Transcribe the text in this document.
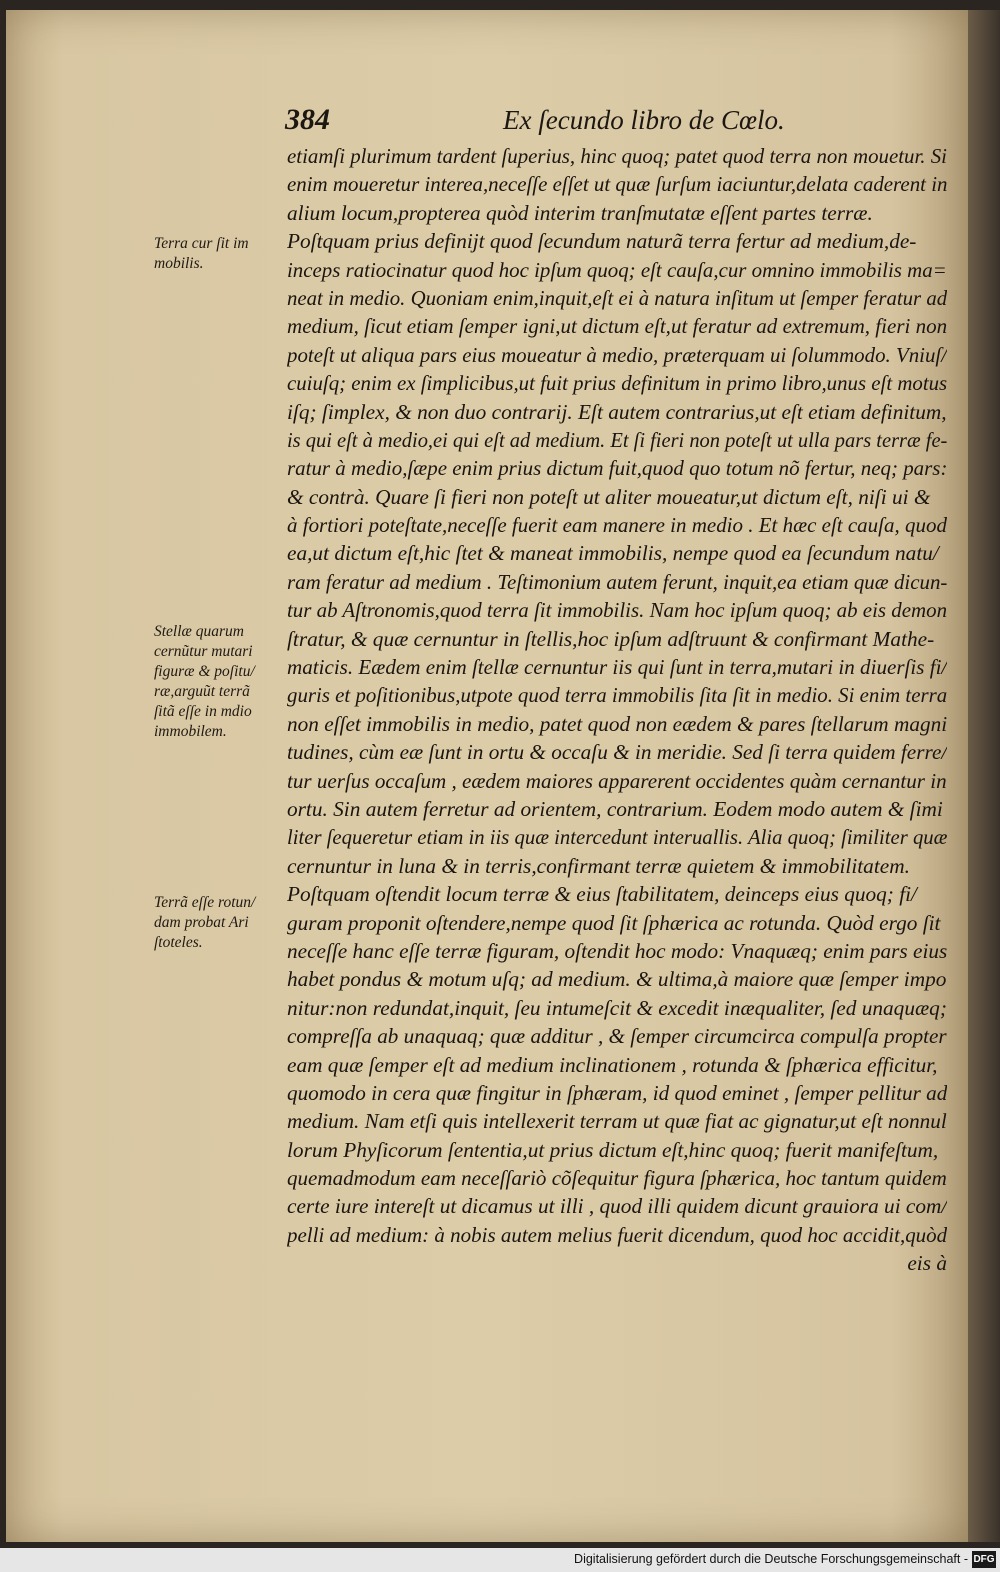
384	Ex ſecundo libro de Cœlo.
etiamſi plurimum tardent ſuperius, hinc quoq; patet quod terra non mouetur. Si
enim moueretur interea,neceſſe eſſet ut quæ ſurſum iaciuntur,delata caderent in
alium locum,propterea quòd interim tranſmutatæ eſſent partes terræ.
Poſtquam prius definijt quod ſecundum naturã terra fertur ad medium,de-
inceps ratiocinatur quod hoc ipſum quoq; eſt cauſa,cur omnino immobilis ma=
neat in medio. Quoniam enim,inquit,eſt ei à natura inſitum ut ſemper feratur ad
medium, ſicut etiam ſemper igni,ut dictum eſt,ut feratur ad extremum, fieri non
poteſt ut aliqua pars eius moueatur à medio, præterquam ui ſolummodo. Vniuſ/
cuiuſq; enim ex ſimplicibus,ut fuit prius definitum in primo libro,unus eſt motus
iſq; ſimplex, & non duo contrarij. Eſt autem contrarius,ut eſt etiam definitum,
is qui eſt à medio,ei qui eſt ad medium. Et ſi fieri non poteſt ut ulla pars terræ fe-
ratur à medio,ſæpe enim prius dictum fuit,quod quo totum nõ fertur, neq; pars:
& contrà. Quare ſi fieri non poteſt ut aliter moueatur,ut dictum eſt, niſi ui &
à fortiori poteſtate,neceſſe fuerit eam manere in medio . Et hæc eſt cauſa, quod
ea,ut dictum eſt,hic ſtet & maneat immobilis, nempe quod ea ſecundum natu/
ram feratur ad medium . Teſtimonium autem ferunt, inquit,ea etiam quæ dicun-
tur ab Aſtronomis,quod terra ſit immobilis. Nam hoc ipſum quoq; ab eis demon
ſtratur, & quæ cernuntur in ſtellis,hoc ipſum adſtruunt & confirmant Mathe-
maticis. Eædem enim ſtellæ cernuntur iis qui ſunt in terra,mutari in diuerſis fi/
guris et poſitionibus,utpote quod terra immobilis ſita ſit in medio. Si enim terra
non eſſet immobilis in medio, patet quod non eædem & pares ſtellarum magni
tudines, cùm eæ ſunt in ortu & occaſu & in meridie. Sed ſi terra quidem ferre/
tur uerſus occaſum , eædem maiores apparerent occidentes quàm cernantur in
ortu. Sin autem ferretur ad orientem, contrarium. Eodem modo autem & ſimi
liter ſequeretur etiam in iis quæ intercedunt interuallis. Alia quoq; ſimiliter quæ
cernuntur in luna & in terris,confirmant terræ quietem & immobilitatem.
Poſtquam oſtendit locum terræ & eius ſtabilitatem, deinceps eius quoq; fi/
guram proponit oſtendere,nempe quod ſit ſphærica ac rotunda. Quòd ergo ſit
neceſſe hanc eſſe terræ figuram, oſtendit hoc modo: Vnaquæq; enim pars eius
habet pondus & motum uſq; ad medium. & ultima,à maiore quæ ſemper impo
nitur:non redundat,inquit, ſeu intumeſcit & excedit inæqualiter, ſed unaquæq;
compreſſa ab unaquaq; quæ additur , & ſemper circumcirca compulſa propter
eam quæ ſemper eſt ad medium inclinationem , rotunda & ſphærica efficitur,
quomodo in cera quæ fingitur in ſphæram, id quod eminet , ſemper pellitur ad
medium. Nam etſi quis intellexerit terram ut quæ fiat ac gignatur,ut eſt nonnul
lorum Phyſicorum ſententia,ut prius dictum eſt,hinc quoq; fuerit manifeſtum,
quemadmodum eam neceſſariò cõſequitur figura ſphærica, hoc tantum quidem
certe iure intereſt ut dicamus ut illi , quod illi quidem dicunt grauiora ui com/
pelli ad medium: à nobis autem melius fuerit dicendum, quod hoc accidit,quòd
eis à
Terra cur ſit im
mobilis.
Stellæ quarum
cernũtur mutari
figuræ & poſitu/
ræ,arguũt terrã
ſitã eſſe in mdio
immobilem.
Terrã eſſe rotun/
dam probat Ari
ſtoteles.
Digitalisierung gefördert durch die Deutsche Forschungsgemeinschaft - DFG
